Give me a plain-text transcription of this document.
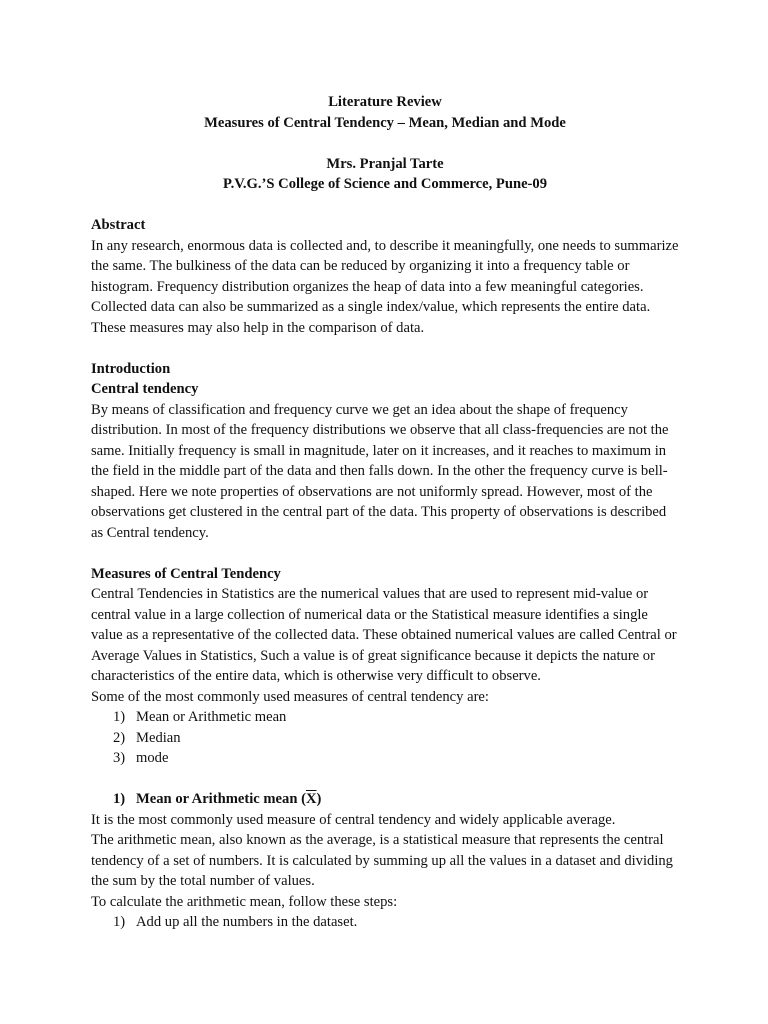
Literature Review

Measures of Central Tendency – Mean, Median and Mode

Mrs. Pranjal Tarte

P.V.G.’S College of Science and Commerce, Pune-09

Abstract

In any research, enormous data is collected and, to describe it meaningfully, one needs to summarize the same. The bulkiness of the data can be reduced by organizing it into a frequency table or histogram. Frequency distribution organizes the heap of data into a few meaningful categories. Collected data can also be summarized as a single index/value, which represents the entire data. These measures may also help in the comparison of data.

Introduction

Central tendency

By means of classification and frequency curve we get an idea about the shape of frequency distribution. In most of the frequency distributions we observe that all class-frequencies are not the same. Initially frequency is small in magnitude, later on it increases, and it reaches to maximum in the field in the middle part of the data and then falls down. In the other the frequency curve is bell- shaped. Here we note properties of observations are not uniformly spread. However, most of the observations get clustered in the central part of the data. This property of observations is described as Central tendency.

Measures of Central Tendency

Central Tendencies in Statistics are the numerical values that are used to represent mid-value or central value in a large collection of numerical data or the Statistical measure identifies a single value as a representative of the collected data. These obtained numerical values are called Central or Average Values in Statistics, Such a value is of great significance because it depicts the nature or characteristics of the entire data, which is otherwise very difficult to observe.

Some of the most commonly used measures of central tendency are:

1) Mean or Arithmetic mean
2) Median
3) mode
1) Mean or Arithmetic mean $(\overline{X})$

It is the most commonly used measure of central tendency and widely applicable average.

The arithmetic mean, also known as the average, is a statistical measure that represents the central tendency of a set of numbers. It is calculated by summing up all the values in a dataset and dividing the sum by the total number of values.

To calculate the arithmetic mean, follow these steps:

1) Add up all the numbers in the dataset.
